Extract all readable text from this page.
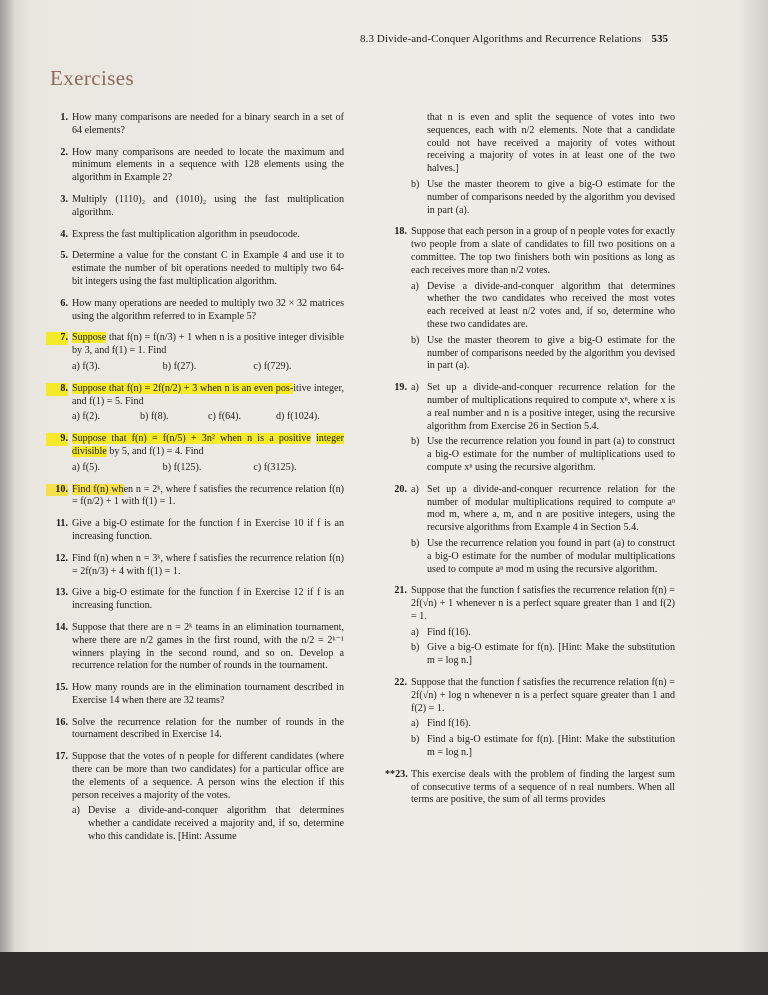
8.3 Divide-and-Conquer Algorithms and Recurrence Relations 535
Exercises
1. How many comparisons are needed for a binary search in a set of 64 elements?
2. How many comparisons are needed to locate the maximum and minimum elements in a sequence with 128 elements using the algorithm in Example 2?
3. Multiply (1110)₂ and (1010)₂ using the fast multiplication algorithm.
4. Express the fast multiplication algorithm in pseudocode.
5. Determine a value for the constant C in Example 4 and use it to estimate the number of bit operations needed to multiply two 64-bit integers using the fast multiplication algorithm.
6. How many operations are needed to multiply two 32 × 32 matrices using the algorithm referred to in Example 5?
7. Suppose that f(n) = f(n/3) + 1 when n is a positive integer divisible by 3, and f(1) = 1. Find
a) f(3).	b) f(27).	c) f(729).
8. Suppose that f(n) = 2f(n/2) + 3 when n is an even pos-itive integer, and f(1) = 5. Find
a) f(2).	b) f(8).	c) f(64).	d) f(1024).
9. Suppose that f(n) = f(n/5) + 3n² when n is a positive integer divisible by 5, and f(1) = 4. Find
a) f(5).	b) f(125).	c) f(3125).
10. Find f(n) when n = 2ᵏ, where f satisfies the recurrence relation f(n) = f(n/2) + 1 with f(1) = 1.
11. Give a big-O estimate for the function f in Exercise 10 if f is an increasing function.
12. Find f(n) when n = 3ᵏ, where f satisfies the recurrence relation f(n) = 2f(n/3) + 4 with f(1) = 1.
13. Give a big-O estimate for the function f in Exercise 12 if f is an increasing function.
14. Suppose that there are n = 2ᵏ teams in an elimination tournament, where there are n/2 games in the first round, with the n/2 = 2ᵏ⁻¹ winners playing in the second round, and so on. Develop a recurrence relation for the number of rounds in the tournament.
15. How many rounds are in the elimination tournament described in Exercise 14 when there are 32 teams?
16. Solve the recurrence relation for the number of rounds in the tournament described in Exercise 14.
17. Suppose that the votes of n people for different candidates (where there can be more than two candidates) for a particular office are the elements of a sequence. A person wins the election if this person receives a majority of the votes.
a) Devise a divide-and-conquer algorithm that determines whether a candidate received a majority and, if so, determine who this candidate is. [Hint: Assume
that n is even and split the sequence of votes into two sequences, each with n/2 elements. Note that a candidate could not have received a majority of votes without receiving a majority of votes in at least one of the two halves.]
b) Use the master theorem to give a big-O estimate for the number of comparisons needed by the algorithm you devised in part (a).
18. Suppose that each person in a group of n people votes for exactly two people from a slate of candidates to fill two positions on a committee. The top two finishers both win positions as long as each receives more than n/2 votes.
a) Devise a divide-and-conquer algorithm that determines whether the two candidates who received the most votes each received at least n/2 votes and, if so, determine who these two candidates are.
b) Use the master theorem to give a big-O estimate for the number of comparisons needed by the algorithm you devised in part (a).
19. a) Set up a divide-and-conquer recurrence relation for the number of multiplications required to compute xⁿ, where x is a real number and n is a positive integer, using the recursive algorithm from Exercise 26 in Section 5.4.
b) Use the recurrence relation you found in part (a) to construct a big-O estimate for the number of multiplications used to compute xⁿ using the recursive algorithm.
20. a) Set up a divide-and-conquer recurrence relation for the number of modular multiplications required to compute aⁿ mod m, where a, m, and n are positive integers, using the recursive algorithms from Example 4 in Section 5.4.
b) Use the recurrence relation you found in part (a) to construct a big-O estimate for the number of modular multiplications used to compute aⁿ mod m using the recursive algorithm.
21. Suppose that the function f satisfies the recurrence relation f(n) = 2f(√n) + 1 whenever n is a perfect square greater than 1 and f(2) = 1.
a) Find f(16).
b) Give a big-O estimate for f(n). [Hint: Make the substitution m = log n.]
22. Suppose that the function f satisfies the recurrence relation f(n) = 2f(√n) + log n whenever n is a perfect square greater than 1 and f(2) = 1.
a) Find f(16).
b) Find a big-O estimate for f(n). [Hint: Make the substitution m = log n.]
**23. This exercise deals with the problem of finding the largest sum of consecutive terms of a sequence of n real numbers. When all terms are positive, the sum of all terms provides
